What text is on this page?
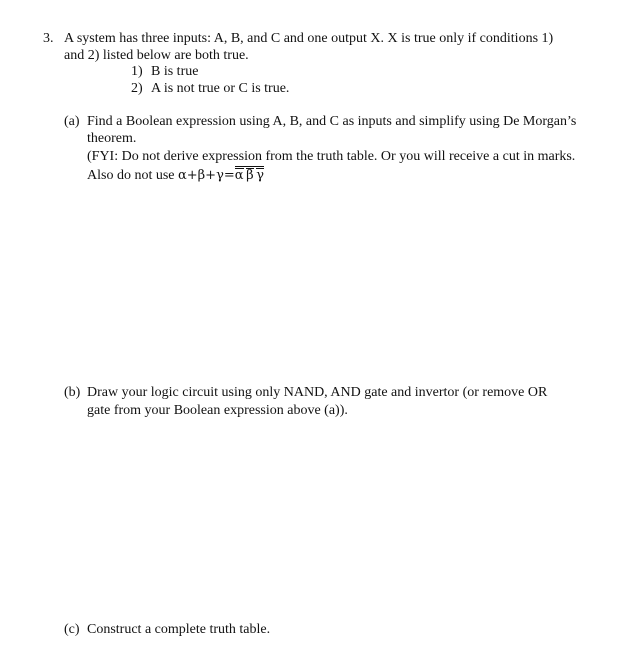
3. A system has three inputs: A, B, and C and one output X. X is true only if conditions 1)
and 2) listed below are both true.
1) B is true
2) A is not true or C is true.
(a) Find a Boolean expression using A, B, and C as inputs and simplify using De Morgan’s
theorem.
(FYI: Do not derive expression from the truth table. Or you will receive a cut in marks.
Also do not use α+β+γ=α  β  γ
(b) Draw your logic circuit using only NAND, AND gate and invertor (or remove OR
gate from your Boolean expression above (a)).
(c) Construct a complete truth table.
